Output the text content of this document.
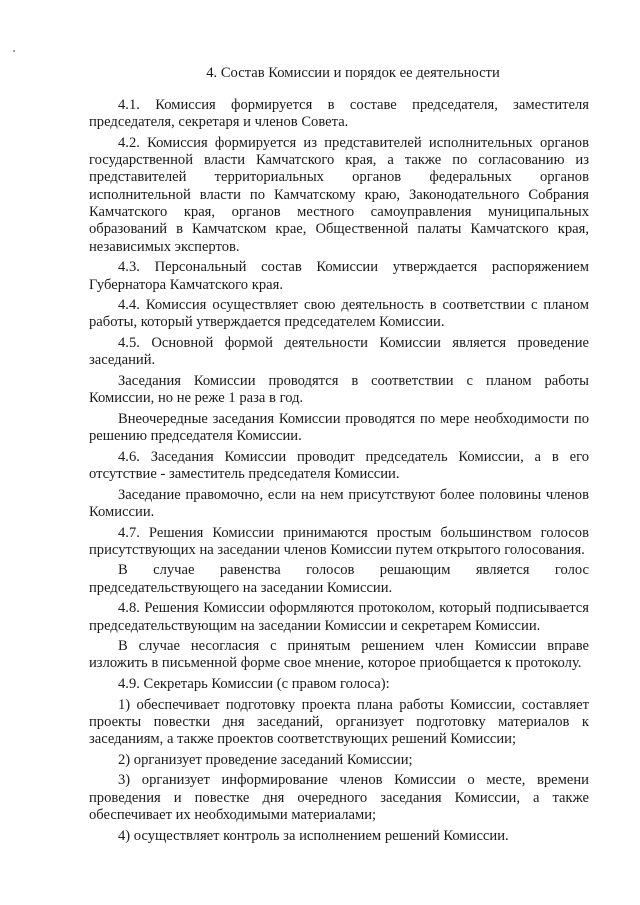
4. Состав Комиссии и порядок ее деятельности

4.1. Комиссия формируется в составе председателя, заместителя председателя, секретаря и членов Совета.

4.2. Комиссия формируется из представителей исполнительных органов государственной власти Камчатского края, а также по согласованию из представителей территориальных органов федеральных органов исполнительной власти по Камчатскому краю, Законодательного Собрания Камчатского края, органов местного самоуправления муниципальных образований в Камчатском крае, Общественной палаты Камчатского края, независимых экспертов.

4.3. Персональный состав Комиссии утверждается распоряжением Губернатора Камчатского края.

4.4. Комиссия осуществляет свою деятельность в соответствии с планом работы, который утверждается председателем Комиссии.

4.5. Основной формой деятельности Комиссии является проведение заседаний.

Заседания Комиссии проводятся в соответствии с планом работы Комиссии, но не реже 1 раза в год.

Внеочередные заседания Комиссии проводятся по мере необходимости по решению председателя Комиссии.

4.6. Заседания Комиссии проводит председатель Комиссии, а в его отсутствие - заместитель председателя Комиссии.

Заседание правомочно, если на нем присутствуют более половины членов Комиссии.

4.7. Решения Комиссии принимаются простым большинством голосов присутствующих на заседании членов Комиссии путем открытого голосования.

В случае равенства голосов решающим является голос председательствующего на заседании Комиссии.

4.8. Решения Комиссии оформляются протоколом, который подписывается председательствующим на заседании Комиссии и секретарем Комиссии.

В случае несогласия с принятым решением член Комиссии вправе изложить в письменной форме свое мнение, которое приобщается к протоколу.

4.9. Секретарь Комиссии (с правом голоса):

1) обеспечивает подготовку проекта плана работы Комиссии, составляет проекты повестки дня заседаний, организует подготовку материалов к заседаниям, а также проектов соответствующих решений Комиссии;

2) организует проведение заседаний Комиссии;

3) организует информирование членов Комиссии о месте, времени проведения и повестке дня очередного заседания Комиссии, а также обеспечивает их необходимыми материалами;

4) осуществляет контроль за исполнением решений Комиссии.
